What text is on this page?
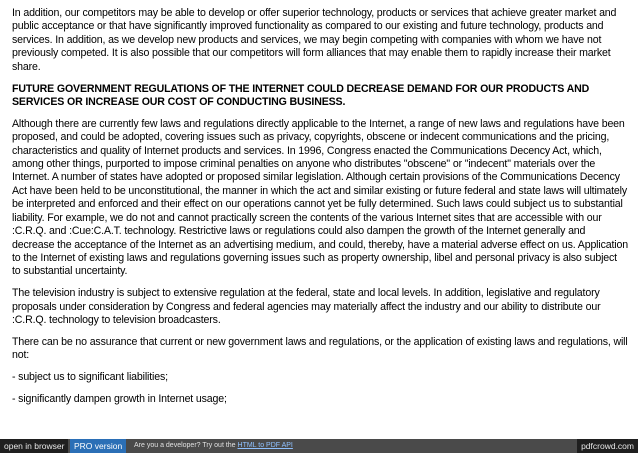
In addition, our competitors may be able to develop or offer superior technology, products or services that achieve greater market and public acceptance or that have significantly improved functionality as compared to our existing and future technology, products and services. In addition, as we develop new products and services, we may begin competing with companies with whom we have not previously competed. It is also possible that our competitors will form alliances that may enable them to rapidly increase their market share.

FUTURE GOVERNMENT REGULATIONS OF THE INTERNET COULD DECREASE DEMAND FOR OUR PRODUCTS AND SERVICES OR INCREASE OUR COST OF CONDUCTING BUSINESS.

Although there are currently few laws and regulations directly applicable to the Internet, a range of new laws and regulations have been proposed, and could be adopted, covering issues such as privacy, copyrights, obscene or indecent communications and the pricing, characteristics and quality of Internet products and services. In 1996, Congress enacted the Communications Decency Act, which, among other things, purported to impose criminal penalties on anyone who distributes "obscene" or "indecent" materials over the Internet. A number of states have adopted or proposed similar legislation. Although certain provisions of the Communications Decency Act have been held to be unconstitutional, the manner in which the act and similar existing or future federal and state laws will ultimately be interpreted and enforced and their effect on our operations cannot yet be fully determined. Such laws could subject us to substantial liability. For example, we do not and cannot practically screen the contents of the various Internet sites that are accessible with our :C.R.Q. and :Cue:C.A.T. technology. Restrictive laws or regulations could also dampen the growth of the Internet generally and decrease the acceptance of the Internet as an advertising medium, and could, thereby, have a material adverse effect on us. Application to the Internet of existing laws and regulations governing issues such as property ownership, libel and personal privacy is also subject to substantial uncertainty.

The television industry is subject to extensive regulation at the federal, state and local levels. In addition, legislative and regulatory proposals under consideration by Congress and federal agencies may materially affect the industry and our ability to distribute our :C.R.Q. technology to television broadcasters.

There can be no assurance that current or new government laws and regulations, or the application of existing laws and regulations, will not:

- subject us to significant liabilities;

- significantly dampen growth in Internet usage;

open in browser	PRO version	Are you a developer? Try out the HTML to PDF API	pdfcrowd.com
